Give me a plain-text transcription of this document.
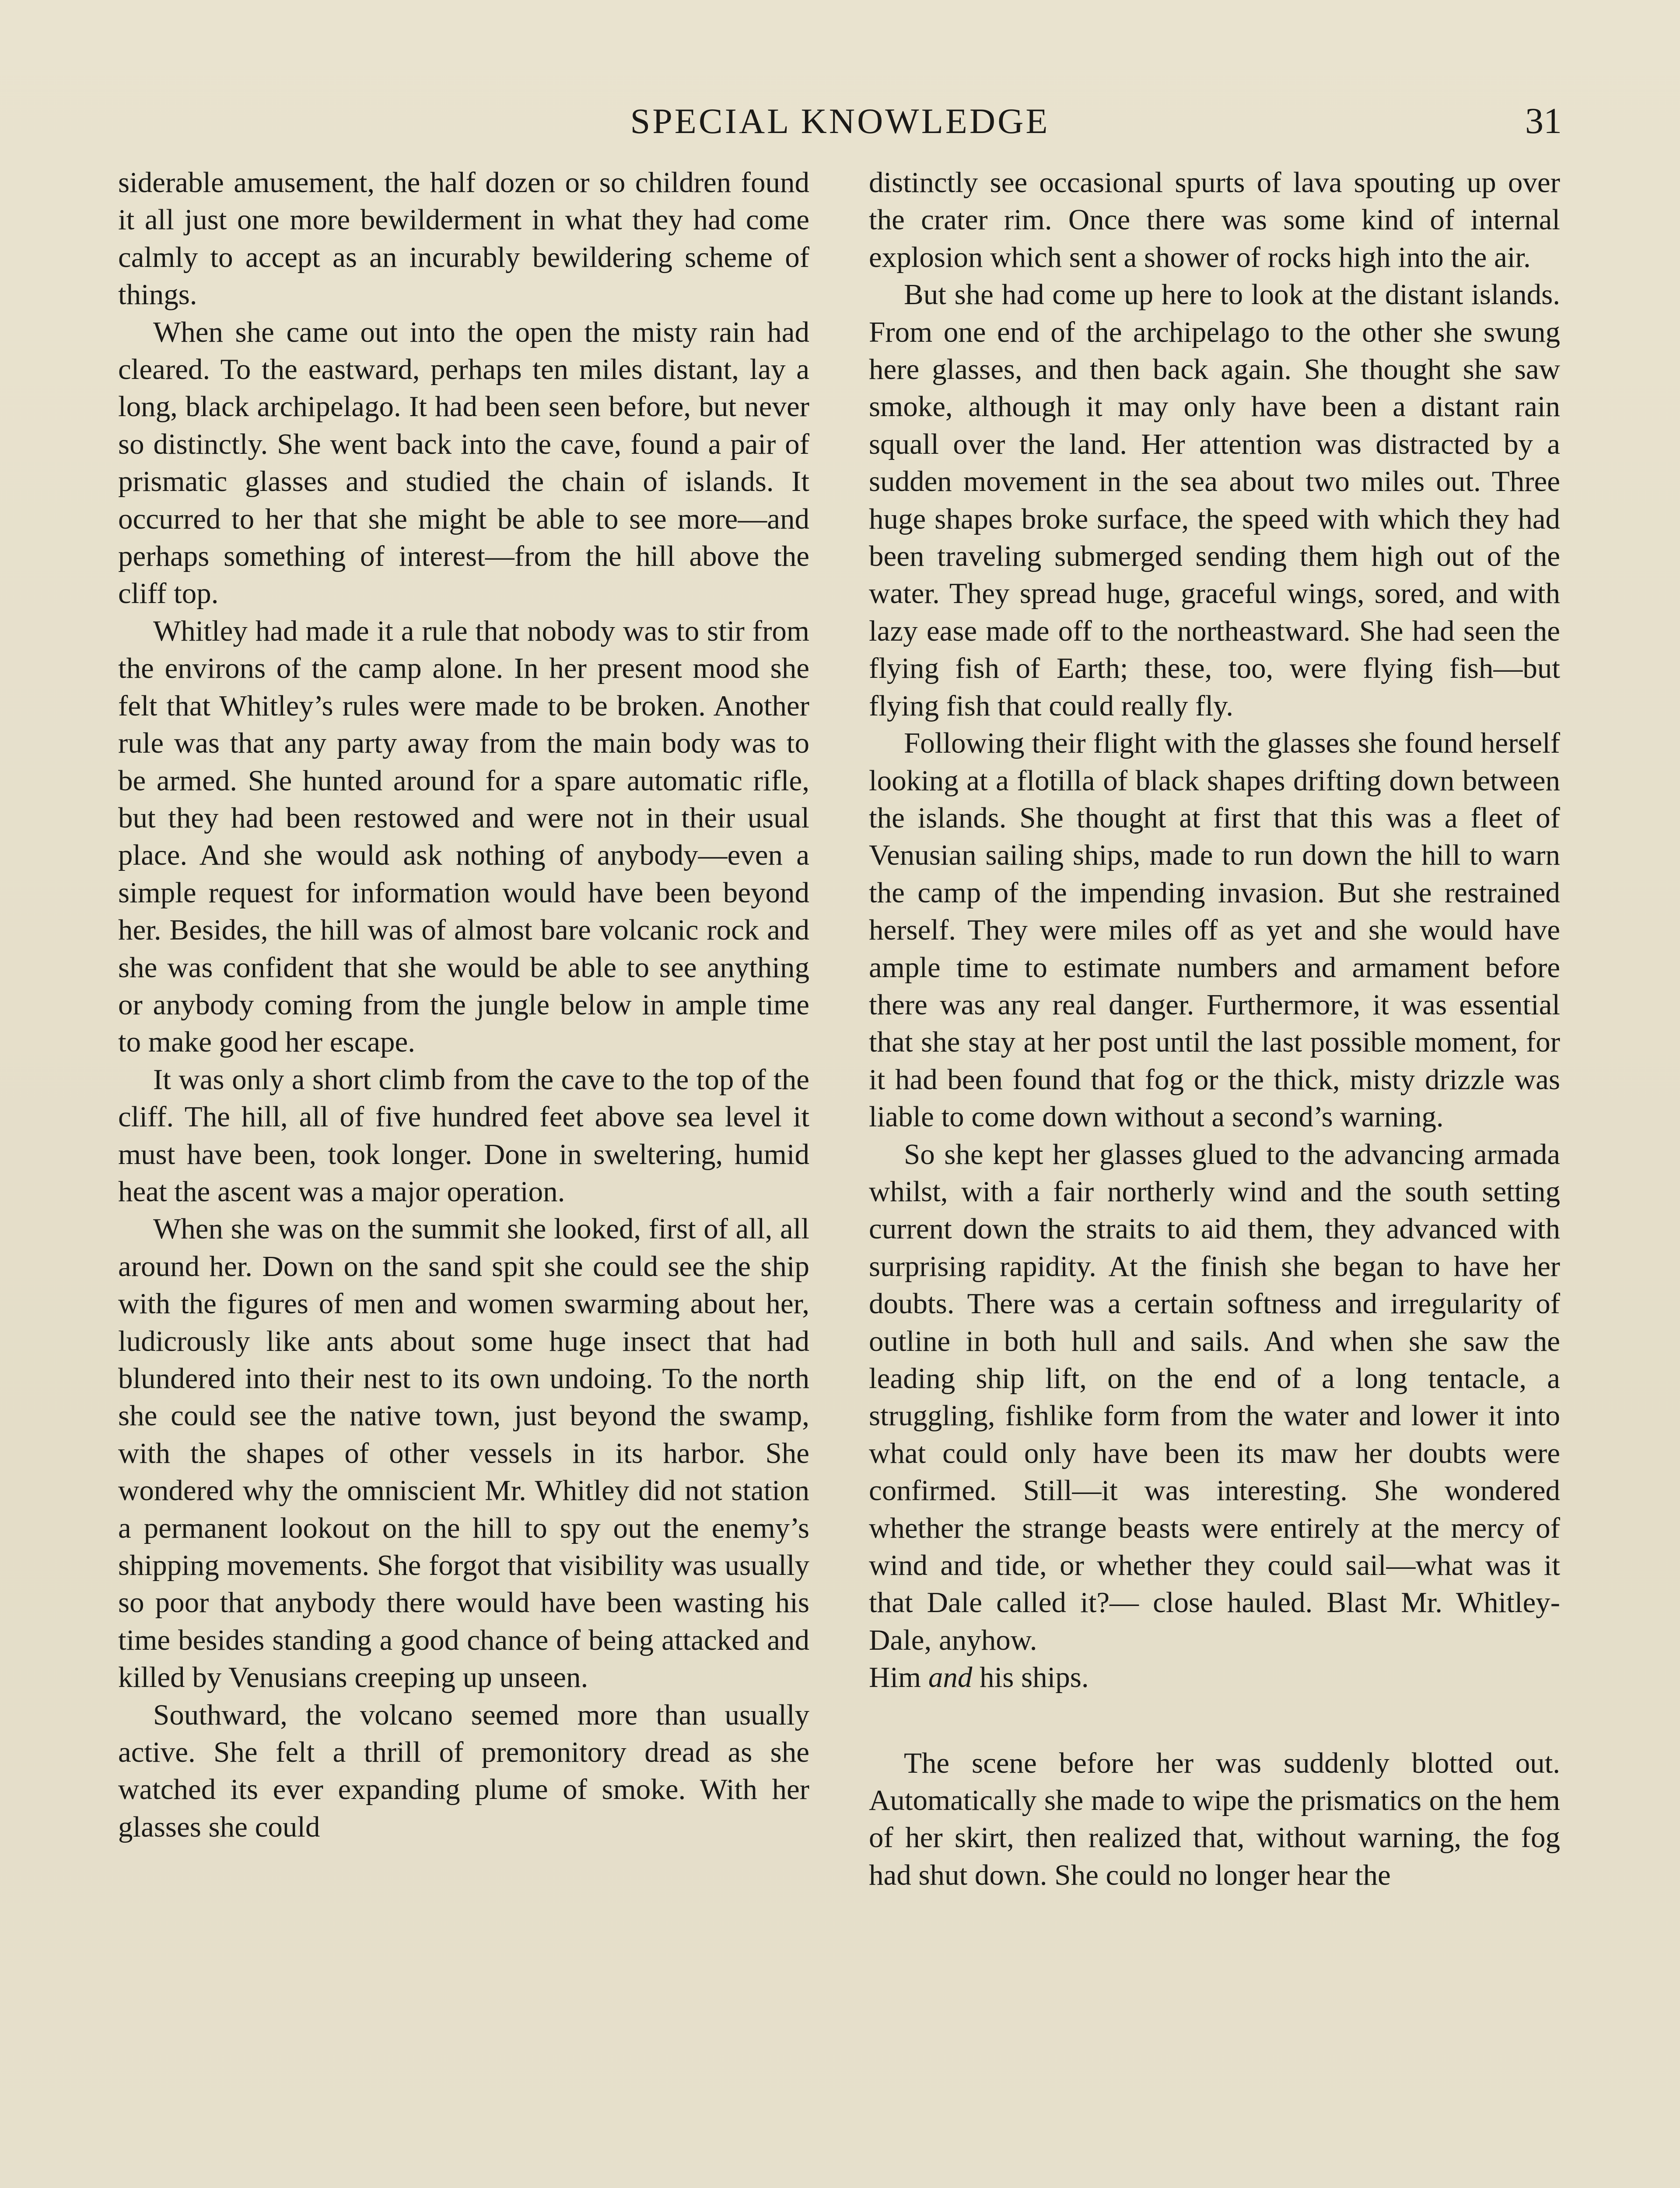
SPECIAL KNOWLEDGE	31

siderable amusement, the half dozen or so children found it all just one more bewilderment in what they had come calmly to accept as an incurably bewildering scheme of things.

When she came out into the open the misty rain had cleared. To the eastward, perhaps ten miles distant, lay a long, black archipelago. It had been seen before, but never so distinctly. She went back into the cave, found a pair of prismatic glasses and studied the chain of islands. It occurred to her that she might be able to see more—and perhaps something of interest—from the hill above the cliff top.

Whitley had made it a rule that nobody was to stir from the environs of the camp alone. In her present mood she felt that Whitley’s rules were made to be broken. Another rule was that any party away from the main body was to be armed. She hunted around for a spare automatic rifle, but they had been restowed and were not in their usual place. And she would ask nothing of anybody—even a simple request for information would have been beyond her. Besides, the hill was of almost bare volcanic rock and she was confident that she would be able to see anything or anybody coming from the jungle below in ample time to make good her escape.

It was only a short climb from the cave to the top of the cliff. The hill, all of five hundred feet above sea level it must have been, took longer. Done in sweltering, humid heat the ascent was a major operation.

When she was on the summit she looked, first of all, all around her. Down on the sand spit she could see the ship with the figures of men and women swarming about her, ludicrously like ants about some huge insect that had blundered into their nest to its own undoing. To the north she could see the native town, just beyond the swamp, with the shapes of other vessels in its harbor. She wondered why the omniscient Mr. Whitley did not station a permanent lookout on the hill to spy out the enemy’s shipping movements. She forgot that visibility was usually so poor that anybody there would have been wasting his time besides standing a good chance of being attacked and killed by Venusians creeping up unseen.

Southward, the volcano seemed more than usually active. She felt a thrill of premonitory dread as she watched its ever expanding plume of smoke. With her glasses she could

distinctly see occasional spurts of lava spouting up over the crater rim. Once there was some kind of internal explosion which sent a shower of rocks high into the air.

But she had come up here to look at the distant islands. From one end of the archipelago to the other she swung here glasses, and then back again. She thought she saw smoke, although it may only have been a distant rain squall over the land. Her attention was distracted by a sudden movement in the sea about two miles out. Three huge shapes broke surface, the speed with which they had been traveling submerged sending them high out of the water. They spread huge, graceful wings, sored, and with lazy ease made off to the northeastward. She had seen the flying fish of Earth; these, too, were flying fish—but flying fish that could really fly.

Following their flight with the glasses she found herself looking at a flotilla of black shapes drifting down between the islands. She thought at first that this was a fleet of Venusian sailing ships, made to run down the hill to warn the camp of the impending invasion. But she restrained herself. They were miles off as yet and she would have ample time to estimate numbers and armament before there was any real danger. Furthermore, it was essential that she stay at her post until the last possible moment, for it had been found that fog or the thick, misty drizzle was liable to come down without a second’s warning.

So she kept her glasses glued to the advancing armada whilst, with a fair northerly wind and the south setting current down the straits to aid them, they advanced with surprising rapidity. At the finish she began to have her doubts. There was a certain softness and irregularity of outline in both hull and sails. And when she saw the leading ship lift, on the end of a long tentacle, a struggling, fishlike form from the water and lower it into what could only have been its maw her doubts were confirmed. Still—it was interesting. She wondered whether the strange beasts were entirely at the mercy of wind and tide, or whether they could sail—what was it that Dale called it?— close hauled. Blast Mr. Whitley-Dale, anyhow.

Him and his ships.

The scene before her was suddenly blotted out. Automatically she made to wipe the prismatics on the hem of her skirt, then realized that, without warning, the fog had shut down. She could no longer hear the
